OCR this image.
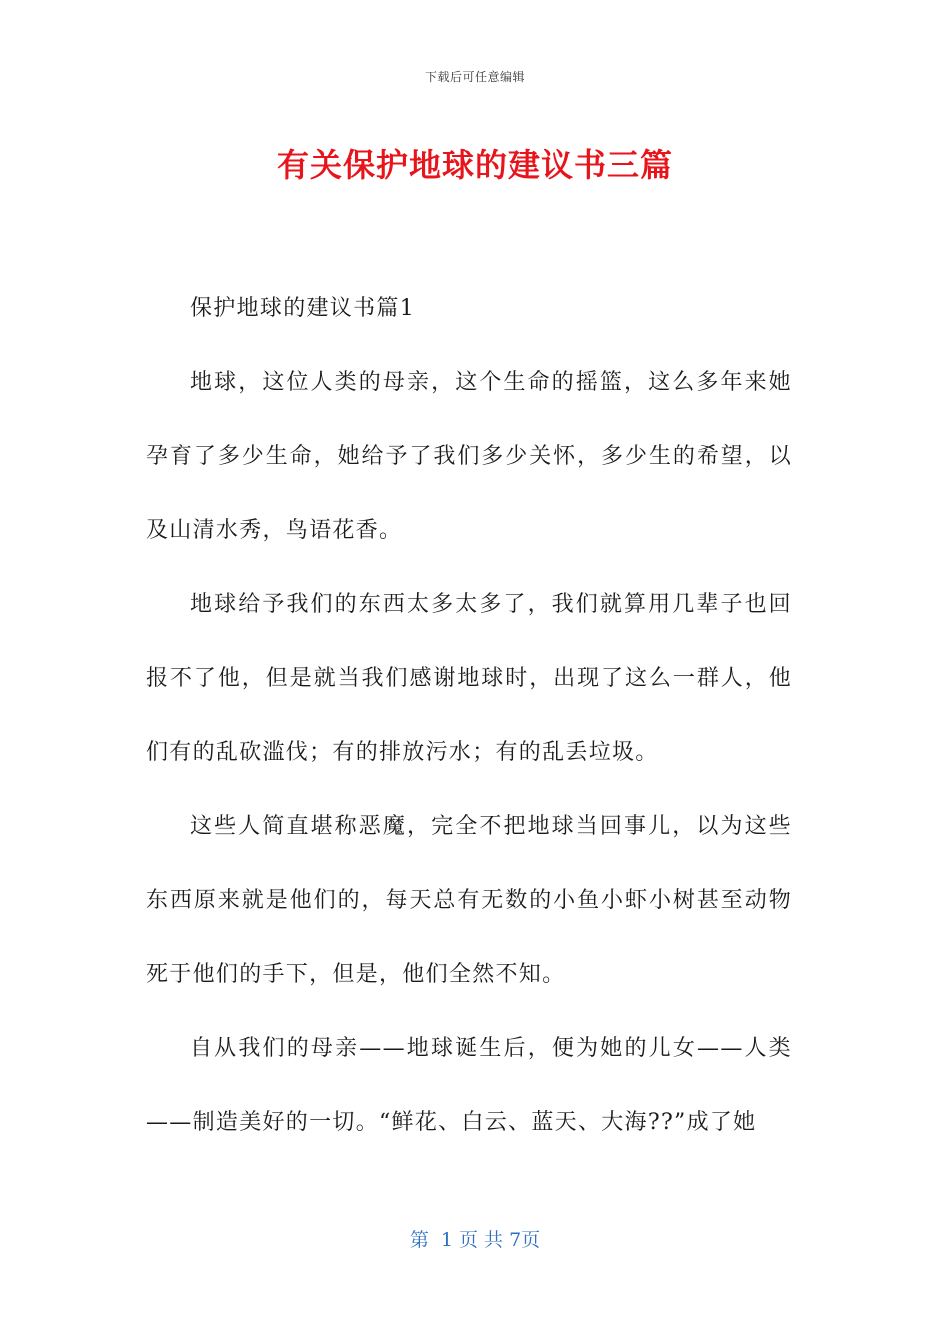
下载后可任意编辑
有关保护地球的建议书三篇

保护地球的建议书篇1

地球，这位人类的母亲，这个生命的摇篮，这么多年来她孕育了多少生命，她给予了我们多少关怀，多少生的希望，以及山清水秀，鸟语花香。

地球给予我们的东西太多太多了，我们就算用几辈子也回报不了他，但是就当我们感谢地球时，出现了这么一群人，他们有的乱砍滥伐；有的排放污水；有的乱丢垃圾。

这些人简直堪称恶魔，完全不把地球当回事儿，以为这些东西原来就是他们的，每天总有无数的小鱼小虾小树甚至动物死于他们的手下，但是，他们全然不知。

自从我们的母亲——地球诞生后，便为她的儿女——人类——制造美好的一切。“鲜花、白云、蓝天、大海??”成了她

第  1 页 共 7页
